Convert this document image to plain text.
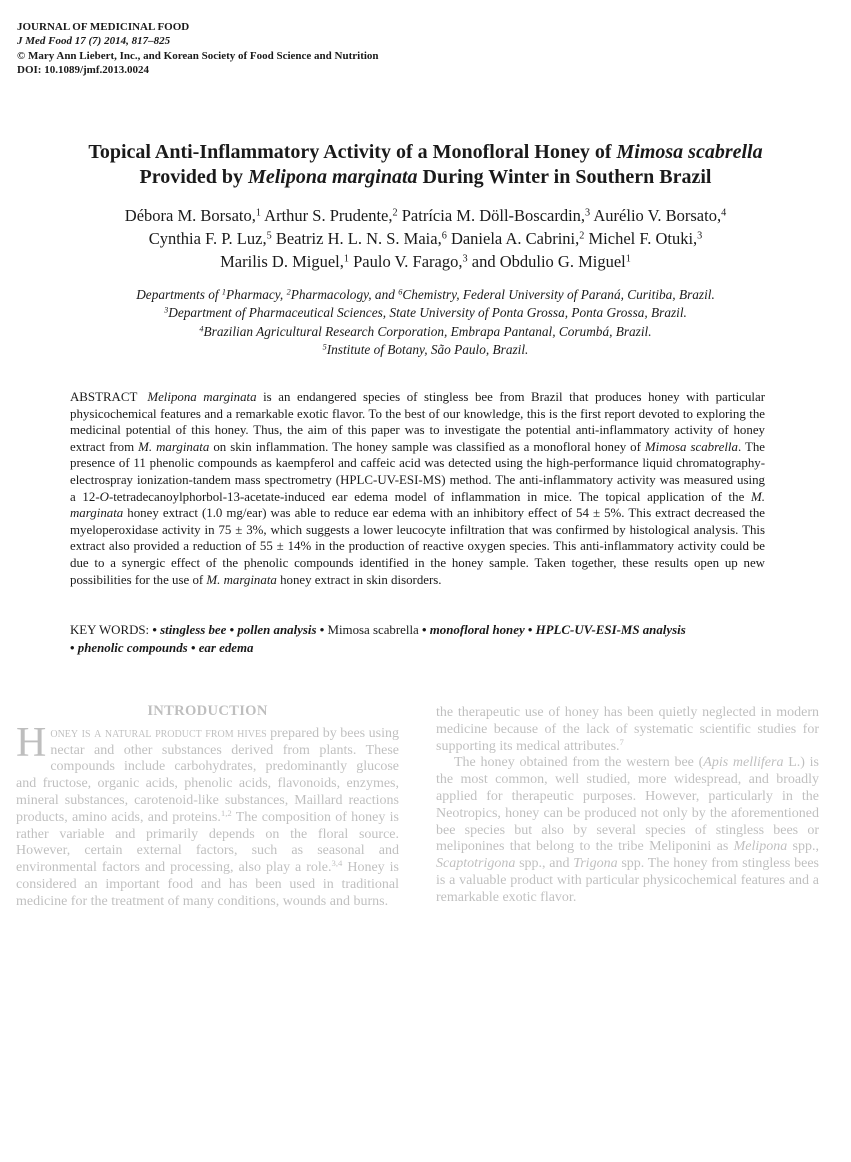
JOURNAL OF MEDICINAL FOOD
J Med Food 17 (7) 2014, 817–825
© Mary Ann Liebert, Inc., and Korean Society of Food Science and Nutrition
DOI: 10.1089/jmf.2013.0024
Topical Anti-Inflammatory Activity of a Monofloral Honey of Mimosa scabrella
Provided by Melipona marginata During Winter in Southern Brazil
Débora M. Borsato,$^1$ Arthur S. Prudente,$^2$ Patrícia M. Döll-Boscardin,$^3$ Aurélio V. Borsato,$^4$
Cynthia F. P. Luz,$^5$ Beatriz H. L. N. S. Maia,$^6$ Daniela A. Cabrini,$^2$ Michel F. Otuki,$^3$
Marilis D. Miguel,$^1$ Paulo V. Farago,$^3$ and Obdulio G. Miguel$^1$
Departments of $^1$Pharmacy, $^2$Pharmacology, and $^6$Chemistry, Federal University of Paraná, Curitiba, Brazil.
$^3$Department of Pharmaceutical Sciences, State University of Ponta Grossa, Ponta Grossa, Brazil.
$^4$Brazilian Agricultural Research Corporation, Embrapa Pantanal, Corumbá, Brazil.
$^5$Institute of Botany, São Paulo, Brazil.
ABSTRACT Melipona marginata is an endangered species of stingless bee from Brazil that produces honey with particular physicochemical features and a remarkable exotic flavor. To the best of our knowledge, this is the first report devoted to exploring the medicinal potential of this honey. Thus, the aim of this paper was to investigate the potential anti-inflammatory activity of honey extract from M. marginata on skin inflammation. The honey sample was classified as a monofloral honey of Mimosa scabrella. The presence of 11 phenolic compounds as kaempferol and caffeic acid was detected using the high-performance liquid chromatography-electrospray ionization-tandem mass spectrometry (HPLC-UV-ESI-MS) method. The anti-inflammatory activity was measured using a 12-O-tetradecanoylphorbol-13-acetate-induced ear edema model of inflammation in mice. The topical application of the M. marginata honey extract (1.0 mg/ear) was able to reduce ear edema with an inhibitory effect of 54 ± 5%. This extract decreased the myeloperoxidase activity in 75 ± 3%, which suggests a lower leucocyte infiltration that was confirmed by histological analysis. This extract also provided a reduction of 55 ± 14% in the production of reactive oxygen species. This anti-inflammatory activity could be due to a synergic effect of the phenolic compounds identified in the honey sample. Taken together, these results open up new possibilities for the use of M. marginata honey extract in skin disorders.
KEY WORDS: • stingless bee • pollen analysis • Mimosa scabrella • monofloral honey • HPLC-UV-ESI-MS analysis
• phenolic compounds • ear edema
INTRODUCTION

Honey is a natural product from hives prepared by bees using nectar and other substances derived from plants. These compounds include carbohydrates, predominantly glucose and fructose, organic acids, phenolic acids, flavonoids, enzymes, mineral substances, carotenoid-like substances, Maillard reactions products, amino acids, and proteins.$^{1,2}$ The composition of honey is rather variable and primarily depends on the floral source. However, certain external factors, such as seasonal and environmental factors and processing, also play a role.$^{3,4}$ Honey is considered an important food and has been used in traditional medicine for the treatment of many conditions, wounds and burns.

the therapeutic use of honey has been quietly neglected in modern medicine because of the lack of systematic scientific studies for supporting its medical attributes.$^7$

The honey obtained from the western bee (Apis mellifera L.) is the most common, well studied, more widespread, and broadly applied for therapeutic purposes. However, particularly in the Neotropics, honey can be produced not only by the aforementioned bee species but also by several species of stingless bees or meliponines that belong to the tribe Meliponini as Melipona spp., Scaptotrigona spp., and Trigona spp. The honey from stingless bees is a valuable product with particular physicochemical features and a remarkable exotic flavor.
